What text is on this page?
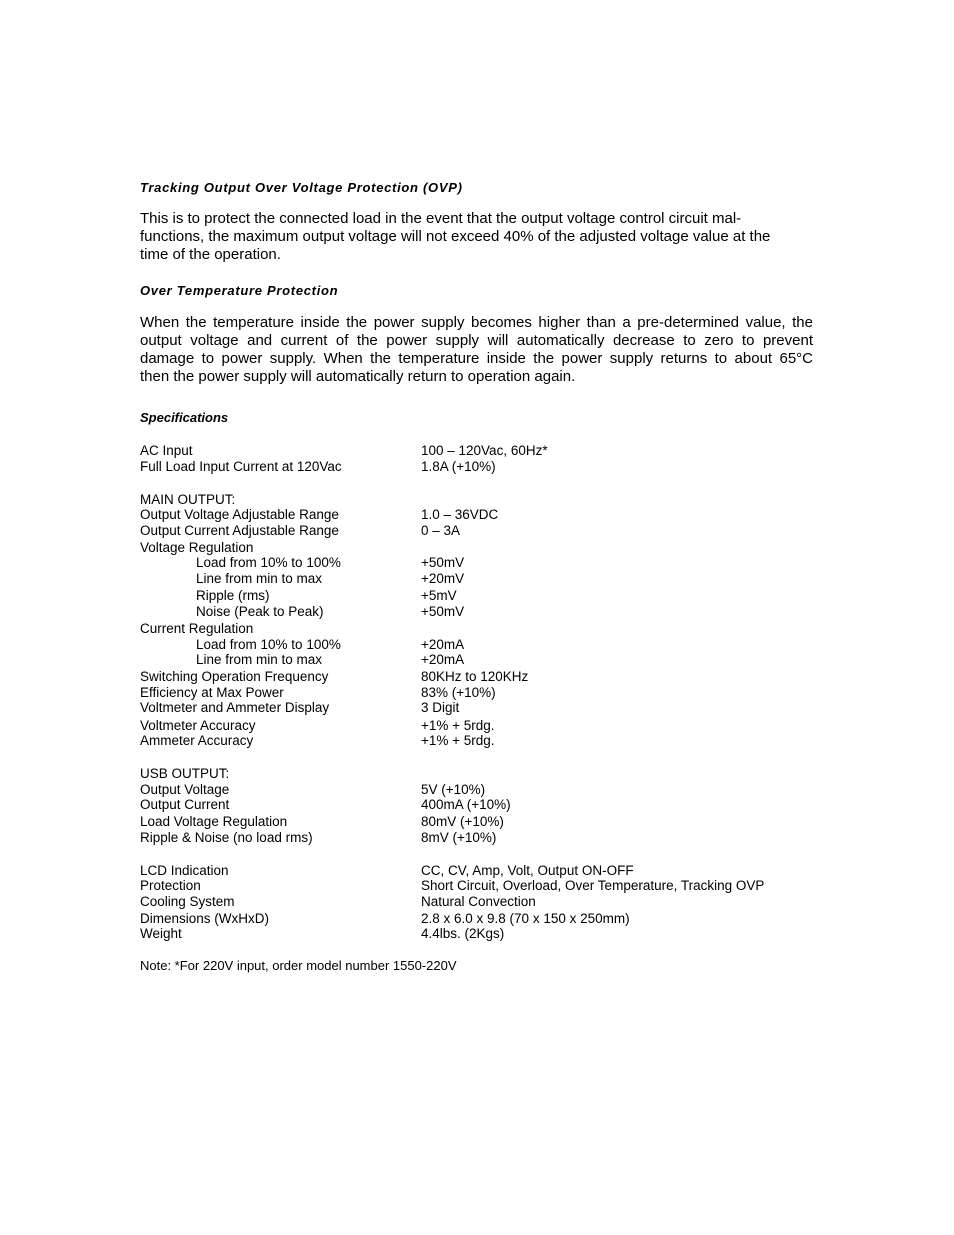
Tracking Output Over Voltage Protection (OVP)
This is to protect the connected load in the event that the output voltage control circuit mal-
functions, the maximum output voltage will not exceed 40% of the adjusted voltage value at the
time of the operation.
Over Temperature Protection
When the temperature inside the power supply becomes higher than a pre-determined value, the
output voltage and current of the power supply will automatically decrease to zero to prevent
damage to power supply. When the temperature inside the power supply returns to about 65°C
then the power supply will automatically return to operation again.
Specifications
AC Input	100 – 120Vac, 60Hz*
Full Load Input Current at 120Vac	1.8A (+10%)
MAIN OUTPUT:
Output Voltage Adjustable Range	1.0 – 36VDC
Output Current Adjustable Range	0 – 3A
Voltage Regulation
Load from 10% to 100%	+50mV
Line from min to max	+20mV
Ripple (rms)	+5mV
Noise (Peak to Peak)	+50mV
Current Regulation
Load from 10% to 100%	+20mA
Line from min to max	+20mA
Switching Operation Frequency	80KHz to 120KHz
Efficiency at Max Power	83% (+10%)
Voltmeter and Ammeter Display	3 Digit
Voltmeter Accuracy	+1% + 5rdg.
Ammeter Accuracy	+1% + 5rdg.
USB OUTPUT:
Output Voltage	5V (+10%)
Output Current	400mA (+10%)
Load Voltage Regulation	80mV (+10%)
Ripple & Noise (no load rms)	8mV (+10%)
LCD Indication	CC, CV, Amp, Volt, Output ON-OFF
Protection	Short Circuit, Overload, Over Temperature, Tracking OVP
Cooling System	Natural Convection
Dimensions (WxHxD)	2.8 x 6.0 x 9.8 (70 x 150 x 250mm)
Weight	4.4lbs. (2Kgs)
Note: *For 220V input, order model number 1550-220V
